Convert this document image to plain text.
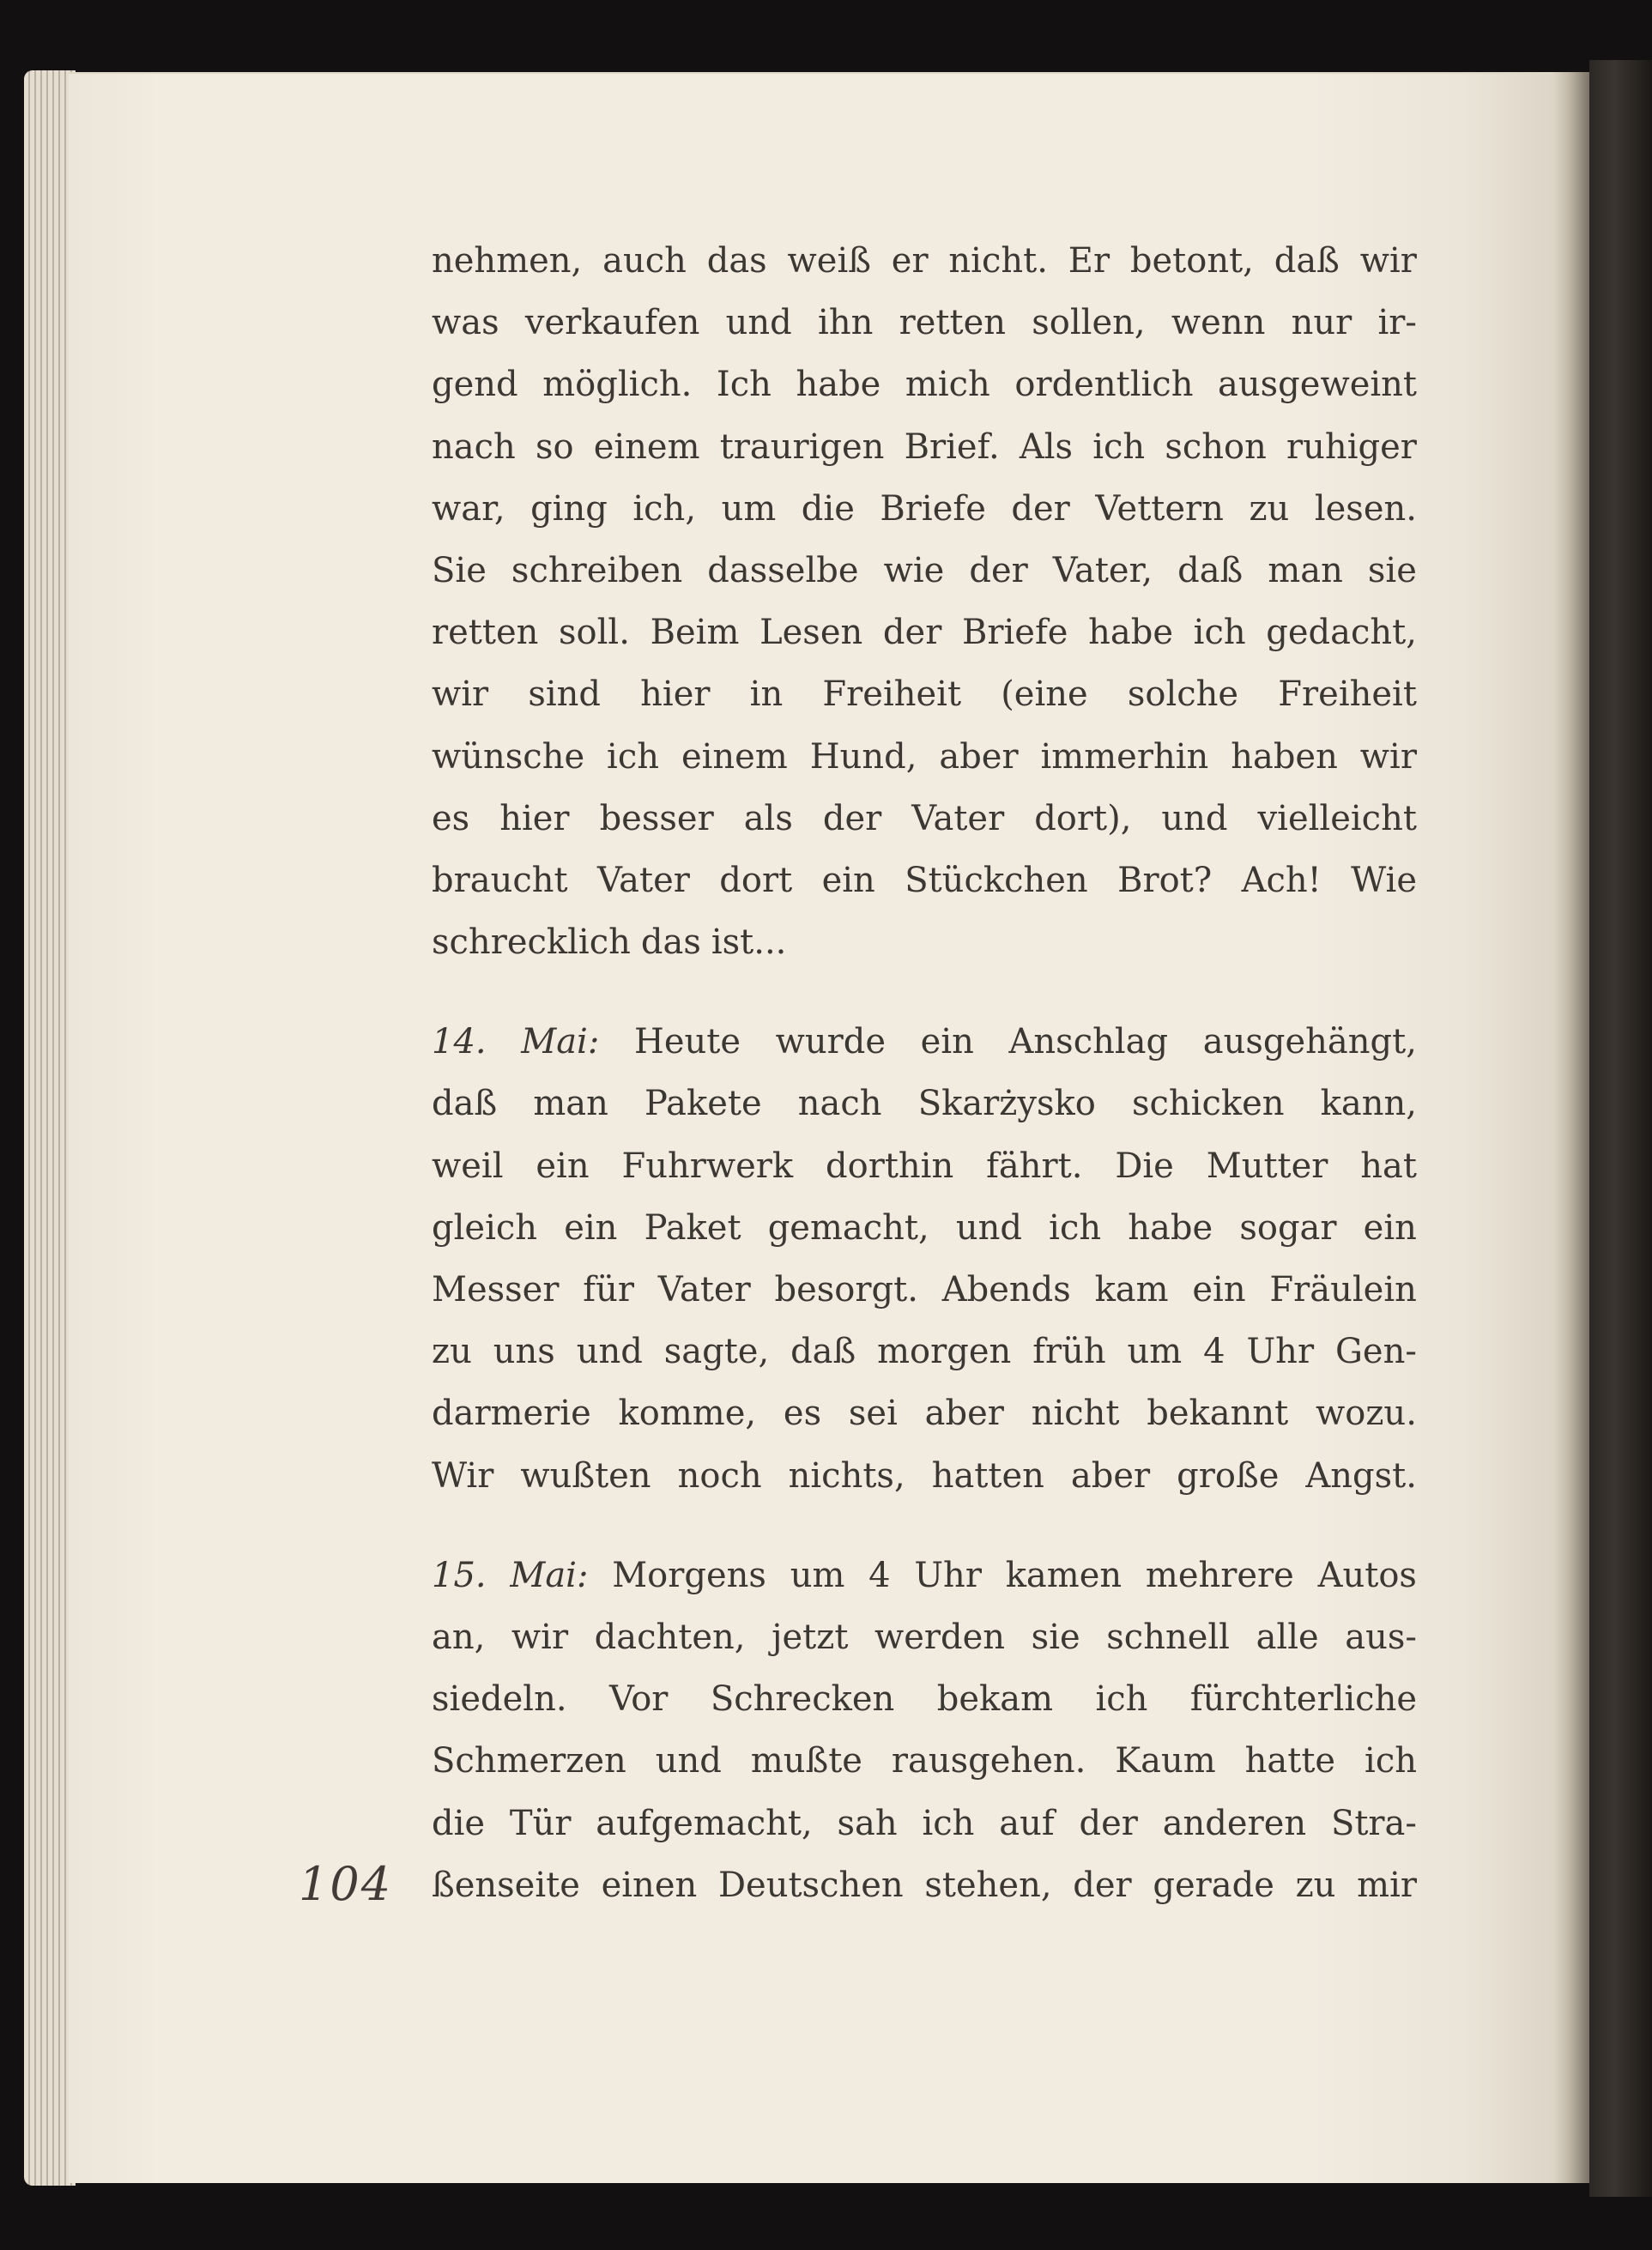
nehmen, auch das weiß er nicht. Er betont, daß wir
was verkaufen und ihn retten sollen, wenn nur ir-
gend möglich. Ich habe mich ordentlich ausgeweint
nach so einem traurigen Brief. Als ich schon ruhiger
war, ging ich, um die Briefe der Vettern zu lesen.
Sie schreiben dasselbe wie der Vater, daß man sie
retten soll. Beim Lesen der Briefe habe ich gedacht,
wir sind hier in Freiheit (eine solche Freiheit
wünsche ich einem Hund, aber immerhin haben wir
es hier besser als der Vater dort), und vielleicht
braucht Vater dort ein Stückchen Brot? Ach! Wie
schrecklich das ist...
14. Mai: Heute wurde ein Anschlag ausgehängt,
daß man Pakete nach Skarżysko schicken kann,
weil ein Fuhrwerk dorthin fährt. Die Mutter hat
gleich ein Paket gemacht, und ich habe sogar ein
Messer für Vater besorgt. Abends kam ein Fräulein
zu uns und sagte, daß morgen früh um 4 Uhr Gen-
darmerie komme, es sei aber nicht bekannt wozu.
Wir wußten noch nichts, hatten aber große Angst.
15. Mai: Morgens um 4 Uhr kamen mehrere Autos
an, wir dachten, jetzt werden sie schnell alle aus-
siedeln. Vor Schrecken bekam ich fürchterliche
Schmerzen und mußte rausgehen. Kaum hatte ich
die Tür aufgemacht, sah ich auf der anderen Stra-
ßenseite einen Deutschen stehen, der gerade zu mir
104
